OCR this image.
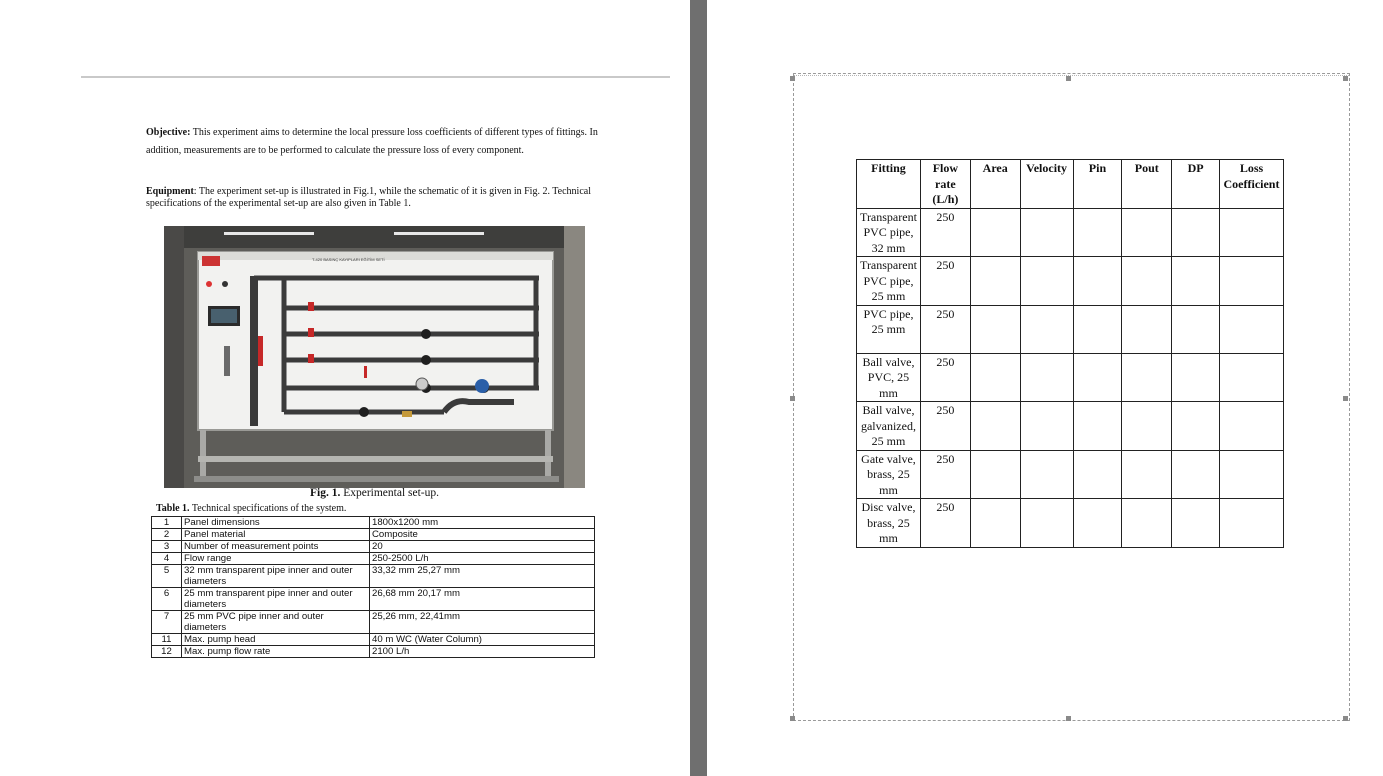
Objective: This experiment aims to determine the local pressure loss coefficients of different types of fittings. In addition, measurements are to be performed to calculate the pressure loss of every component.
Equipment: The experiment set-up is illustrated in Fig.1, while the schematic of it is given in Fig. 2. Technical specifications of the experimental set-up are also given in Table 1.
T-420 BASINÇ KAYIPLARI EĞİTİM SETİ
Fig. 1. Experimental set-up.
Table 1. Technical specifications of the system.
1	Panel dimensions	1800x1200 mm
2	Panel material	Composite
3	Number of measurement points	20
4	Flow range	250-2500 L/h
5	32 mm transparent pipe inner and outer diameters	33,32 mm 25,27 mm
6	25 mm transparent pipe inner and outer diameters	26,68 mm 20,17 mm
7	25 mm PVC pipe inner and outer diameters	25,26 mm, 22,41mm
11	Max. pump head	40 m WC (Water Column)
12	Max. pump flow rate	2100 L/h
Fitting	Flow rate (L/h)	Area	Velocity	Pin	Pout	DP	Loss Coefficient
Transparent PVC pipe, 32 mm	250						
Transparent PVC pipe, 25 mm	250						
PVC pipe, 25 mm	250						
Ball valve, PVC, 25 mm	250						
Ball valve, galvanized, 25 mm	250						
Gate valve, brass, 25 mm	250						
Disc valve, brass, 25 mm	250						
